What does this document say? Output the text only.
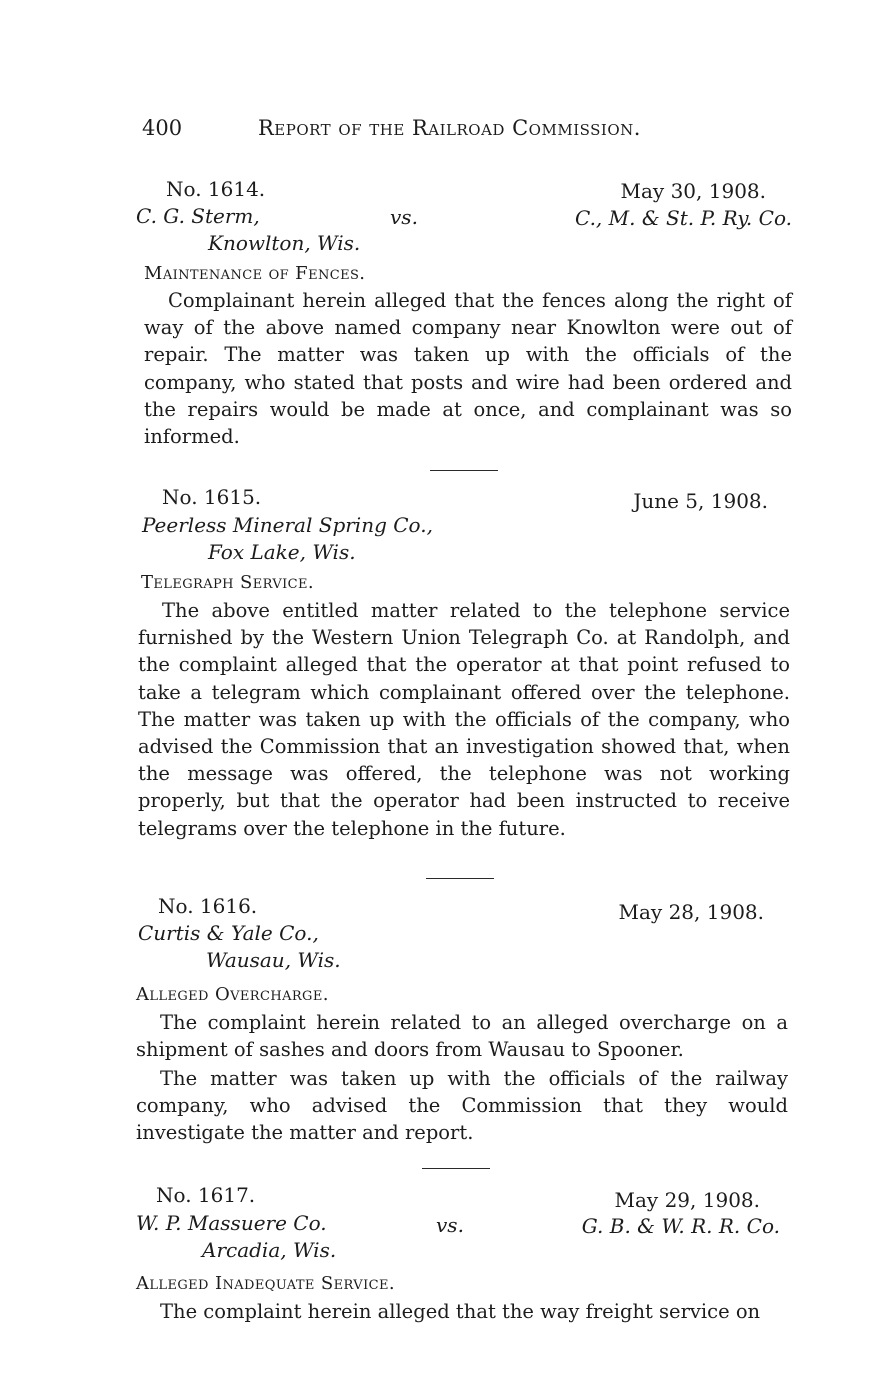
400	Report of the Railroad Commission.
No. 1614.	May 30, 1908.
C. G. Sterm,	vs.	C., M. & St. P. Ry. Co.
Knowlton, Wis.
Maintenance of Fences.

Complainant herein alleged that the fences along the right of way of the above named company near Knowlton were out of repair. The matter was taken up with the officials of the company, who stated that posts and wire had been ordered and the repairs would be made at once, and complainant was so informed.

No. 1615.	June 5, 1908.
Peerless Mineral Spring Co.,
Fox Lake, Wis.
Telegraph Service.

The above entitled matter related to the telephone service furnished by the Western Union Telegraph Co. at Randolph, and the complaint alleged that the operator at that point refused to take a telegram which complainant offered over the telephone. The matter was taken up with the officials of the company, who advised the Commission that an investigation showed that, when the message was offered, the telephone was not working properly, but that the operator had been instructed to receive telegrams over the telephone in the future.

No. 1616.	May 28, 1908.
Curtis & Yale Co.,
Wausau, Wis.
Alleged Overcharge.

The complaint herein related to an alleged overcharge on a shipment of sashes and doors from Wausau to Spooner.

The matter was taken up with the officials of the railway company, who advised the Commission that they would investigate the matter and report.

No. 1617.	May 29, 1908.
W. P. Massuere Co.	vs.	G. B. & W. R. R. Co.
Arcadia, Wis.
Alleged Inadequate Service.

The complaint herein alleged that the way freight service on
